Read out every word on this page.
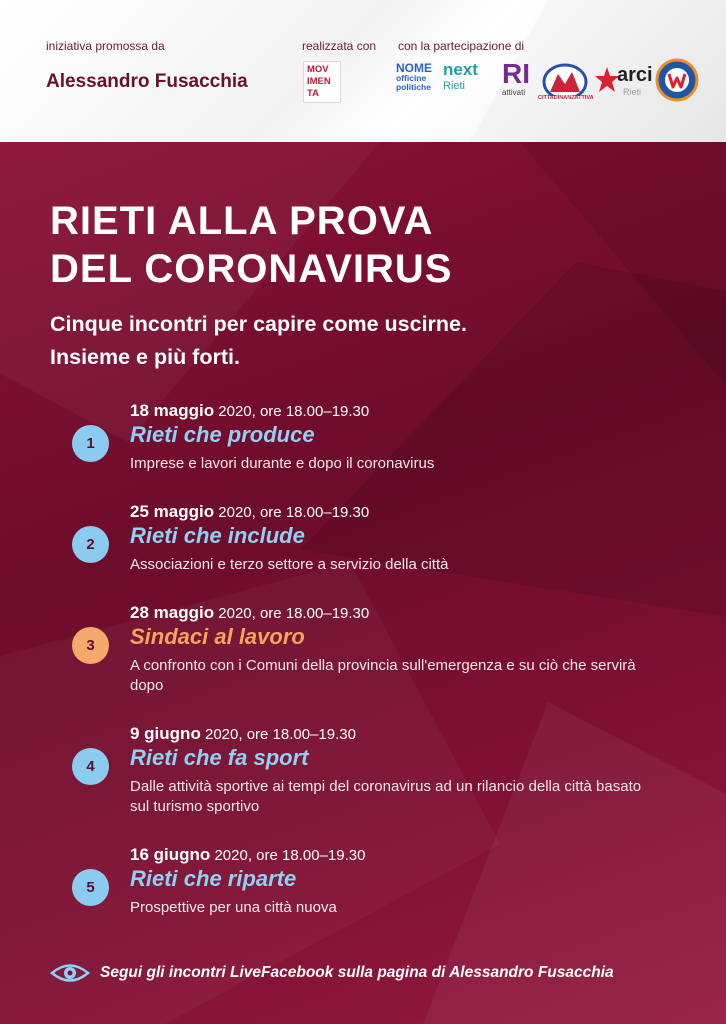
iniziativa promossa da
Alessandro Fusacchia
realizzata con con la partecipazione di
MOV IMEN TA
NOME
officine politiche
next
Rieti	RI
attivati
CITTADINANZATTIVA
arci
Rieti
RIETI ALLA PROVA
DEL CORONAVIRUS
Cinque incontri per capire come uscirne.
Insieme e più forti.
1
18 maggio 2020, ore 18.00–19.30
Rieti che produce
Imprese e lavori durante e dopo il coronavirus
2
25 maggio 2020, ore 18.00–19.30
Rieti che include
Associazioni e terzo settore a servizio della città
3
28 maggio 2020, ore 18.00–19.30
Sindaci al lavoro
A confronto con i Comuni della provincia sull'emergenza e su ciò che servirà dopo
4
9 giugno 2020, ore 18.00–19.30
Rieti che fa sport
Dalle attività sportive ai tempi del coronavirus ad un rilancio della città basato sul turismo sportivo
5
16 giugno 2020, ore 18.00–19.30
Rieti che riparte
Prospettive per una città nuova
Segui gli incontri LiveFacebook sulla pagina di Alessandro Fusacchia
